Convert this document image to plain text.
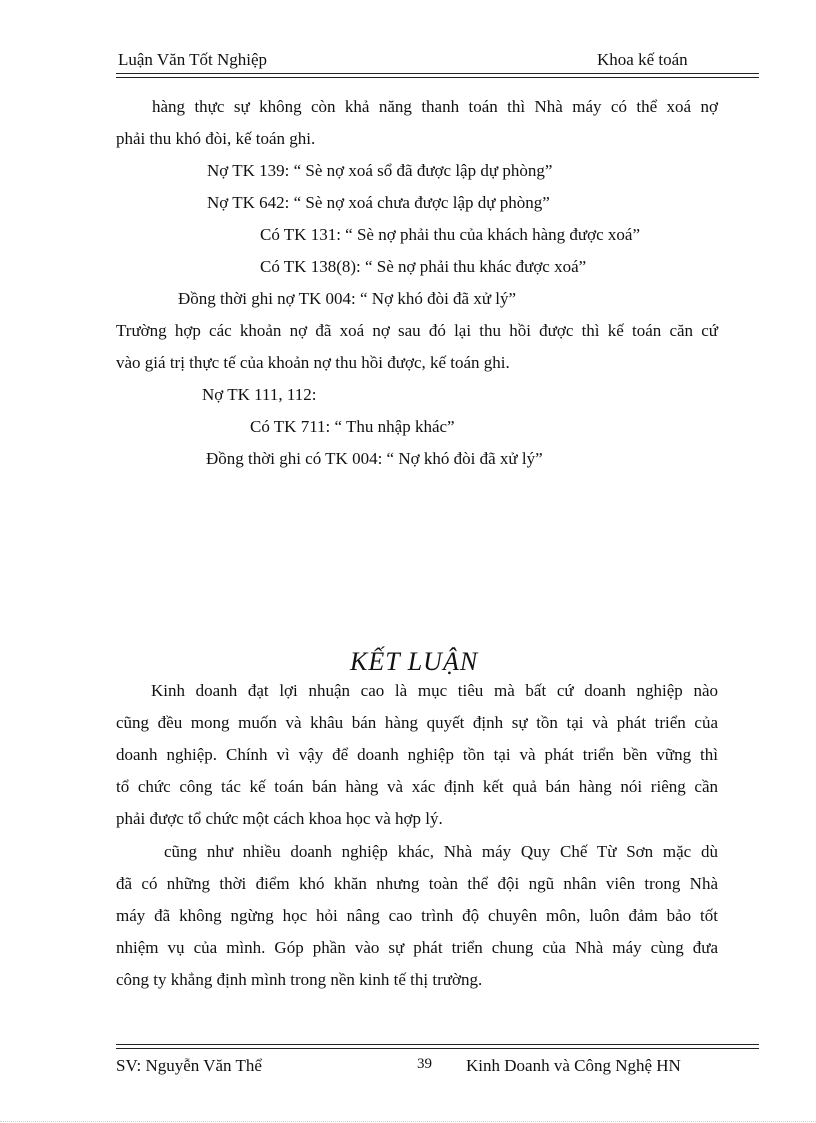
Luận Văn Tốt Nghiệp	Khoa kế toán
hàng thực sự không còn khả năng thanh toán thì Nhà máy có thể xoá nợ
phải thu khó đòi, kế toán ghi.
Nợ TK 139: “ Sè nợ xoá sổ đã được lập dự phòng”
Nợ TK 642: “ Sè nợ xoá chưa được lập dự phòng”
Có TK 131: “ Sè nợ phải thu của khách hàng được xoá”
Có TK 138(8): “ Sè nợ phải thu khác được xoá”
Đồng thời ghi nợ TK 004: “ Nợ khó đòi đã xử lý”
Trường hợp các khoản nợ đã xoá nợ sau đó lại thu hồi được thì kế toán căn cứ
vào giá trị thực tế của khoản nợ thu hồi được, kế toán ghi.
Nợ TK 111, 112:
Có TK 711: “ Thu nhập khác”
Đồng thời ghi có TK 004: “ Nợ khó đòi đã xử lý”
KẾT LUẬN
Kinh doanh đạt lợi nhuận cao là mục tiêu mà bất cứ doanh nghiệp nào
cũng đều mong muốn và khâu bán hàng quyết định sự tồn tại và phát triển của
doanh nghiệp. Chính vì vậy để doanh nghiệp tồn tại và phát triển bền vững thì
tổ chức công tác kế toán bán hàng và xác định kết quả bán hàng nói riêng cần
phải được tổ chức một cách khoa học và hợp lý.
cũng như nhiều doanh nghiệp khác, Nhà máy Quy Chế Từ Sơn mặc dù
đã có những thời điểm khó khăn nhưng toàn thể đội ngũ nhân viên trong Nhà
máy đã không ngừng học hỏi nâng cao trình độ chuyên môn, luôn đảm bảo tốt
nhiệm vụ của mình. Góp phần vào sự phát triển chung của Nhà máy cùng đưa
công ty khẳng định mình trong nền kinh tế thị trường.
SV: Nguyễn Văn Thể	39 Kinh Doanh và Công Nghệ HN
